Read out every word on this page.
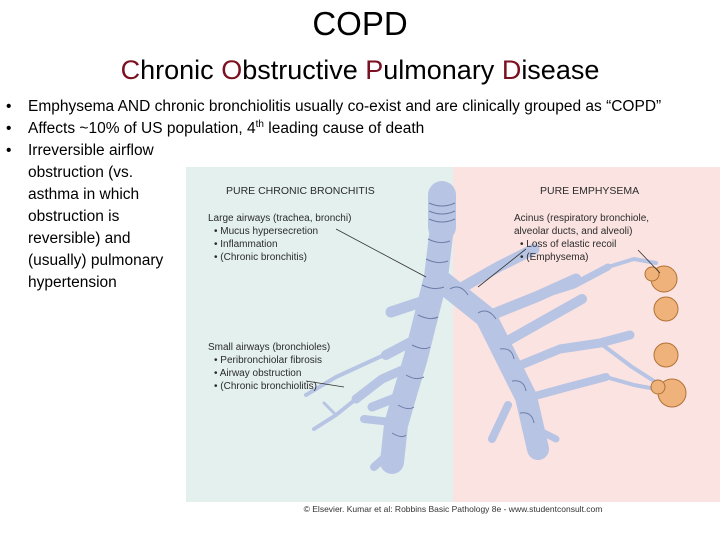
COPD
Chronic Obstructive Pulmonary Disease
• Emphysema AND chronic bronchiolitis usually co-exist and are clinically grouped as “COPD”
• Affects ~10% of US population, 4th leading cause of death
• Irreversible airflow obstruction (vs. asthma in which obstruction is reversible) and (usually) pulmonary hypertension
PURE CHRONIC BRONCHITIS	PURE EMPHYSEMA
Large airways (trachea, bronchi)
• Mucus hypersecretion
• Inflammation
• (Chronic bronchitis)
Small airways (bronchioles)
• Peribronchiolar fibrosis
• Airway obstruction
• (Chronic bronchiolitis)
Acinus (respiratory bronchiole,
alveolar ducts, and alveoli)
• Loss of elastic recoil
• (Emphysema)
© Elsevier. Kumar et al: Robbins Basic Pathology 8e - www.studentconsult.com
